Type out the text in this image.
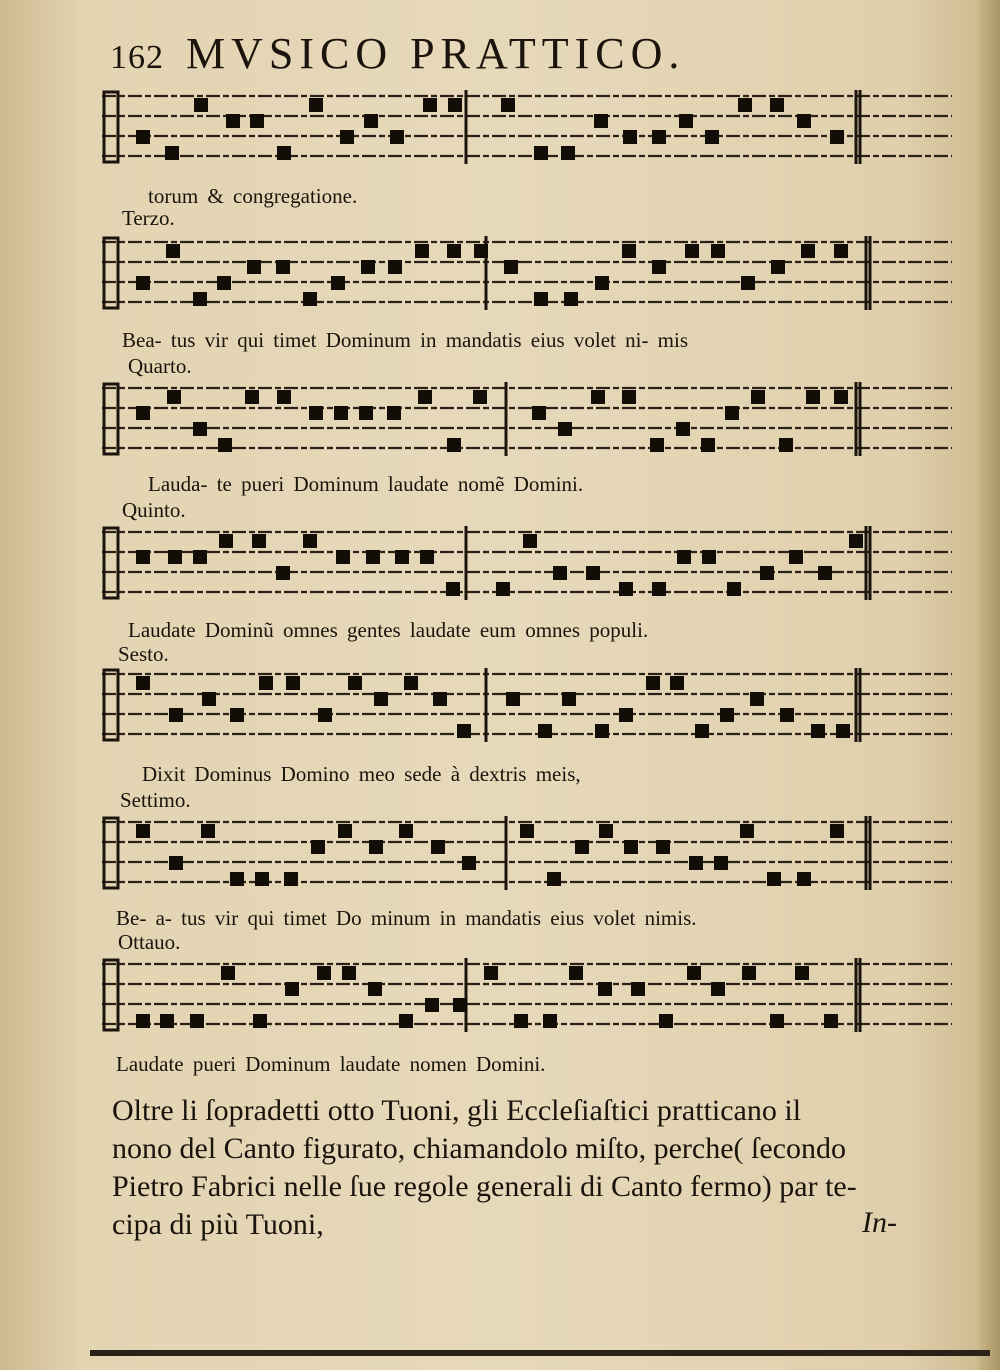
162 MVSICO PRATTICO.
torum & congregatione.
Terzo.
Bea- tus vir qui timet Dominum in mandatis eius volet ni- mis
Quarto.
Lauda- te pueri Dominum laudate nomẽ Domini.
Quinto.
Laudate Dominũ omnes gentes laudate eum omnes populi.
Sesto.
Dixit Dominus Domino meo sede à dextris meis,
Settimo.
Be- a- tus vir qui timet Do minum in mandatis eius volet nimis.
Ottauo.
Laudate pueri Dominum laudate nomen Domini.
Oltre li ſopradetti otto Tuoni, gli Eccleſiaſtici pratticano il
nono del Canto figurato, chiamandolo miſto, perche( ſecondo
Pietro Fabrici nelle ſue regole generali di Canto fermo) par te-
cipa di più Tuoni,	In-
